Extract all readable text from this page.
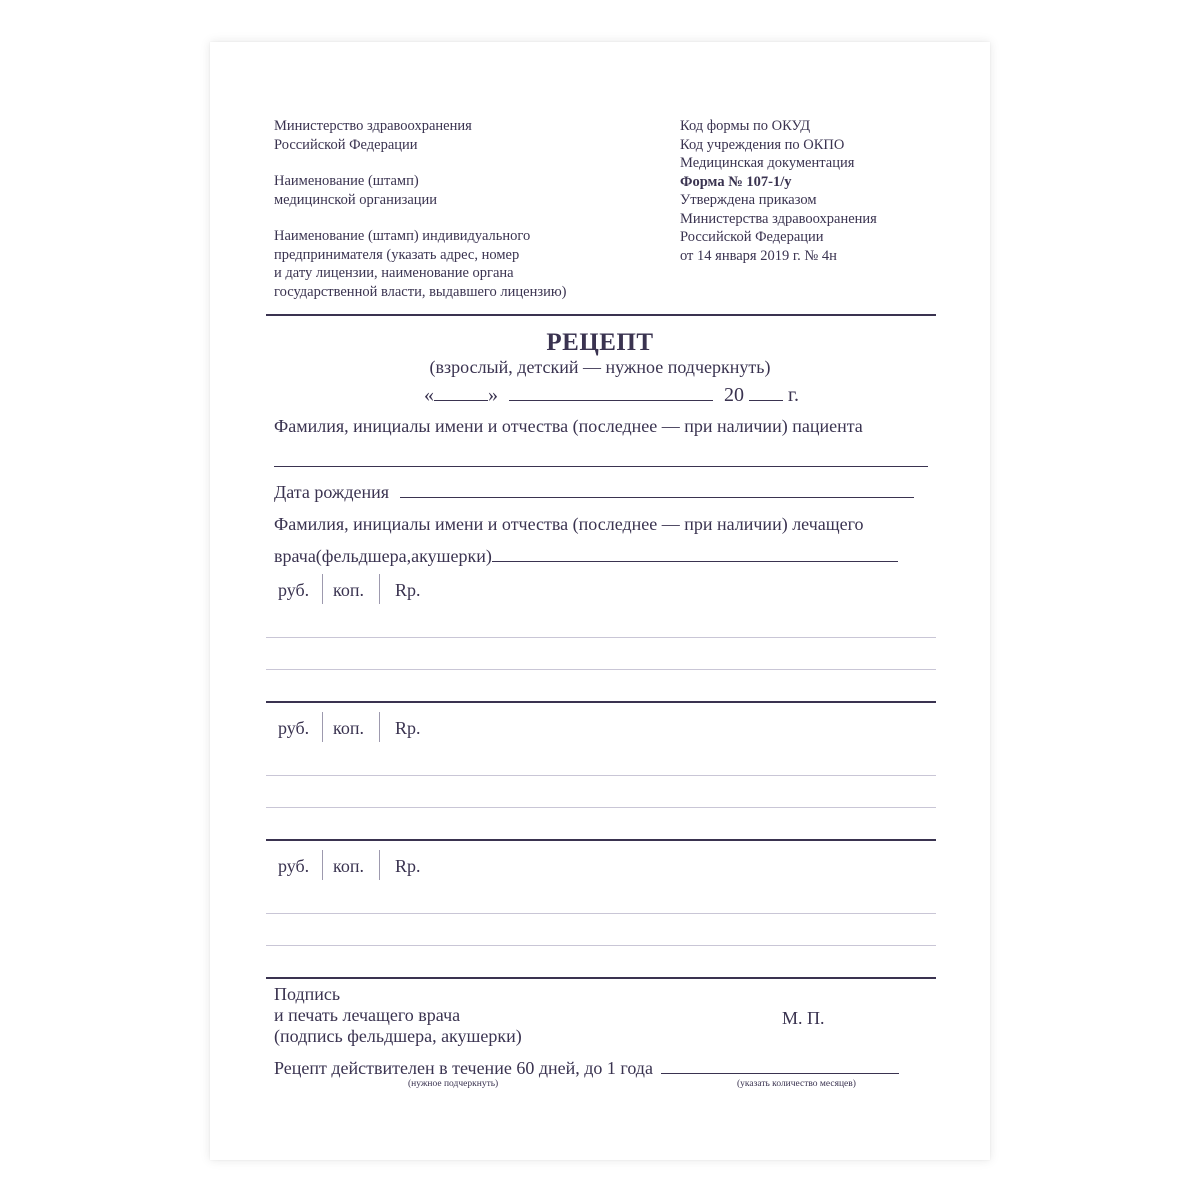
Министерство здравоохранения
Российской Федерации
Наименование (штамп)
медицинской организации
Наименование (штамп) индивидуального
предпринимателя (указать адрес, номер
и дату лицензии, наименование органа
государственной власти, выдавшего лицензию)
Код формы по ОКУД
Код учреждения по ОКПО
Медицинская документация
Форма № 107-1/у
Утверждена приказом
Министерства здравоохранения
Российской Федерации
от 14 января 2019 г. № 4н
РЕЦЕПТ
(взрослый, детский — нужное подчеркнуть)
«	»	20 г.
Фамилия, инициалы имени и отчества (последнее — при наличии) пациента
Дата рождения
Фамилия, инициалы имени и отчества (последнее — при наличии) лечащего
врача(фельдшера,акушерки)
руб. коп. Rp.
руб. коп. Rp.
руб. коп. Rp.
Подпись
и печать лечащего врача
(подпись фельдшера, акушерки)
М. П.
Рецепт действителен в течение 60 дней, до 1 года
(нужное подчеркнуть)	(указать количество месяцев)
